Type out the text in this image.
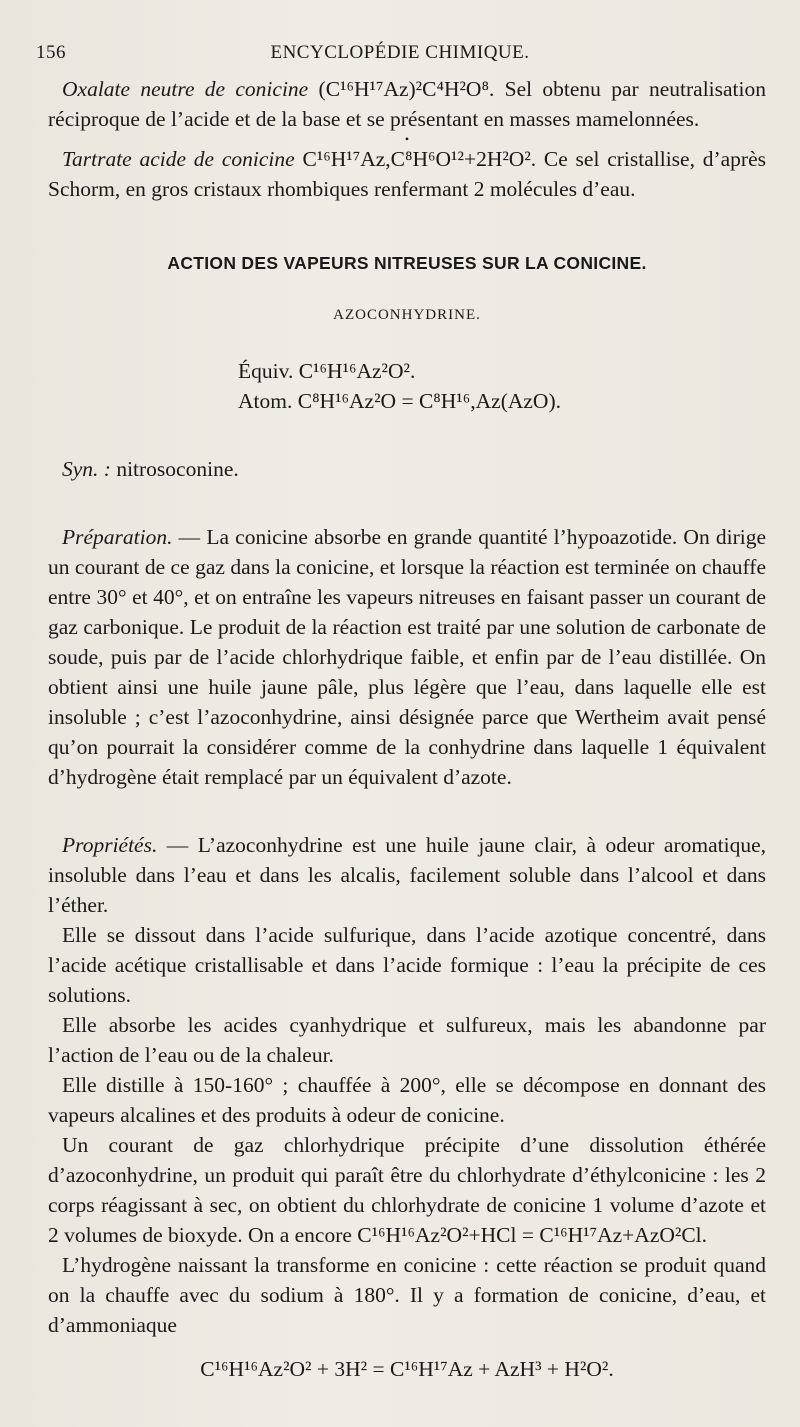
156	ENCYCLOPÉDIE CHIMIQUE.

Oxalate neutre de conicine (C¹⁶H¹⁷Az)²C⁴H²O⁸. Sel obtenu par neutralisation réciproque de l’acide et de la base et se présentant en masses mamelonnées.

•

Tartrate acide de conicine C¹⁶H¹⁷Az,C⁸H⁶O¹²+2H²O². Ce sel cristallise, d’après Schorm, en gros cristaux rhombiques renfermant 2 molécules d’eau.

ACTION DES VAPEURS NITREUSES SUR LA CONICINE.

AZOCONHYDRINE.

Équiv. C¹⁶H¹⁶Az²O².

Atom. C⁸H¹⁶Az²O = C⁸H¹⁶,Az(AzO).

Syn. : nitrosoconine.

Préparation. — La conicine absorbe en grande quantité l’hypoazotide. On dirige un courant de ce gaz dans la conicine, et lorsque la réaction est terminée on chauffe entre 30° et 40°, et on entraîne les vapeurs nitreuses en faisant passer un courant de gaz carbonique. Le produit de la réaction est traité par une solution de carbonate de soude, puis par de l’acide chlorhydrique faible, et enfin par de l’eau distillée. On obtient ainsi une huile jaune pâle, plus légère que l’eau, dans laquelle elle est insoluble ; c’est l’azoconhydrine, ainsi désignée parce que Wertheim avait pensé qu’on pourrait la considérer comme de la conhydrine dans laquelle 1 équivalent d’hydrogène était remplacé par un équivalent d’azote.

Propriétés. — L’azoconhydrine est une huile jaune clair, à odeur aromatique, insoluble dans l’eau et dans les alcalis, facilement soluble dans l’alcool et dans l’éther.

Elle se dissout dans l’acide sulfurique, dans l’acide azotique concentré, dans l’acide acétique cristallisable et dans l’acide formique : l’eau la précipite de ces solutions.

Elle absorbe les acides cyanhydrique et sulfureux, mais les abandonne par l’action de l’eau ou de la chaleur.

Elle distille à 150-160° ; chauffée à 200°, elle se décompose en donnant des vapeurs alcalines et des produits à odeur de conicine.

Un courant de gaz chlorhydrique précipite d’une dissolution éthérée d’azoconhydrine, un produit qui paraît être du chlorhydrate d’éthylconicine : les 2 corps réagissant à sec, on obtient du chlorhydrate de conicine 1 volume d’azote et 2 volumes de bioxyde. On a encore C¹⁶H¹⁶Az²O²+HCl = C¹⁶H¹⁷Az+AzO²Cl.

L’hydrogène naissant la transforme en conicine : cette réaction se produit quand on la chauffe avec du sodium à 180°. Il y a formation de conicine, d’eau, et d’ammoniaque

C¹⁶H¹⁶Az²O² + 3H² = C¹⁶H¹⁷Az + AzH³ + H²O².
